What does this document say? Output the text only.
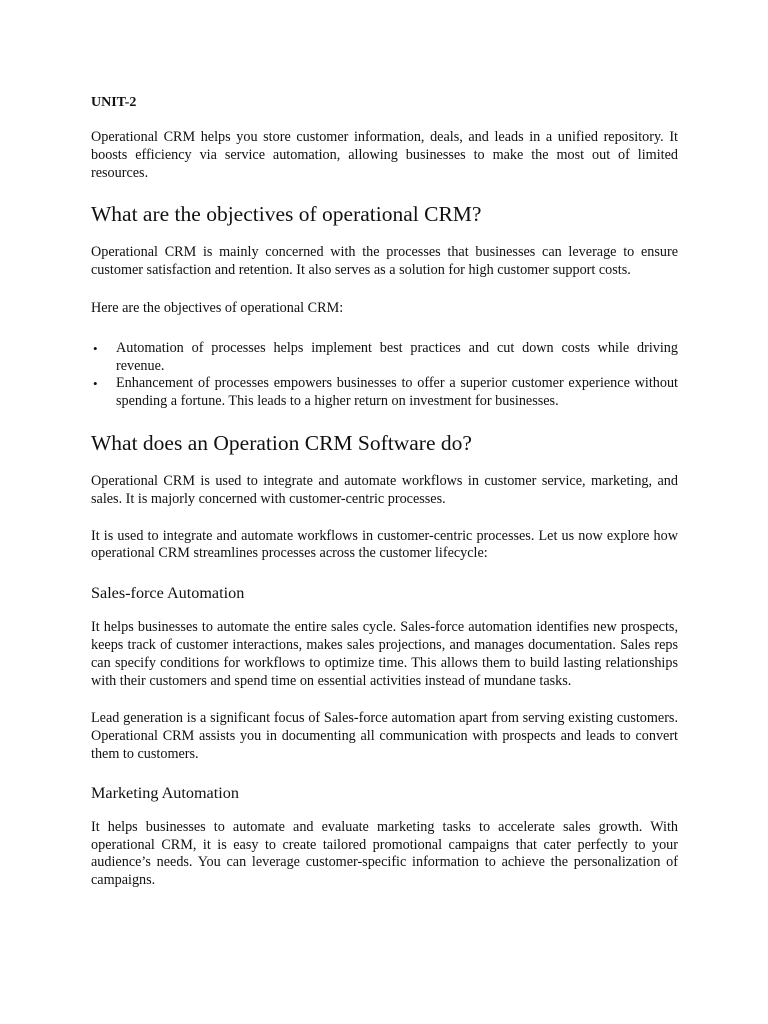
UNIT-2

Operational CRM helps you store customer information, deals, and leads in a unified repository. It boosts efficiency via service automation, allowing businesses to make the most out of limited resources.

What are the objectives of operational CRM?

Operational CRM is mainly concerned with the processes that businesses can leverage to ensure customer satisfaction and retention. It also serves as a solution for high customer support costs.

Here are the objectives of operational CRM:

• Automation of processes helps implement best practices and cut down costs while driving revenue.
• Enhancement of processes empowers businesses to offer a superior customer experience without spending a fortune. This leads to a higher return on investment for businesses.
What does an Operation CRM Software do?

Operational CRM is used to integrate and automate workflows in customer service, marketing, and sales. It is majorly concerned with customer-centric processes.

It is used to integrate and automate workflows in customer-centric processes. Let us now explore how operational CRM streamlines processes across the customer lifecycle:

Sales-force Automation

It helps businesses to automate the entire sales cycle. Sales-force automation identifies new prospects, keeps track of customer interactions, makes sales projections, and manages documentation. Sales reps can specify conditions for workflows to optimize time. This allows them to build lasting relationships with their customers and spend time on essential activities instead of mundane tasks.

Lead generation is a significant focus of Sales-force automation apart from serving existing customers. Operational CRM assists you in documenting all communication with prospects and leads to convert them to customers.

Marketing Automation

It helps businesses to automate and evaluate marketing tasks to accelerate sales growth. With operational CRM, it is easy to create tailored promotional campaigns that cater perfectly to your audience’s needs. You can leverage customer-specific information to achieve the personalization of campaigns.
